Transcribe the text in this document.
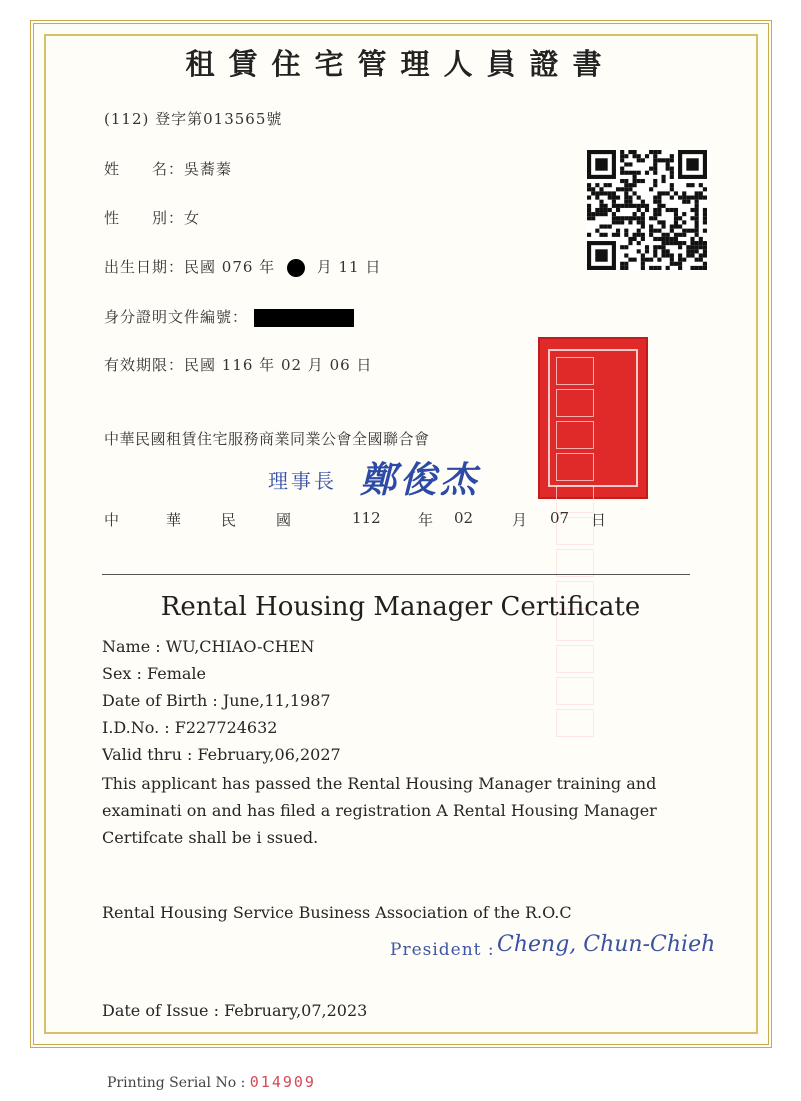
租賃住宅管理人員證書
(112) 登字第013565號
姓　　名：吳蕎蓁
性　　別：女
出生日期：民國 076 年	月 11 日
身分證明文件編號：
有效期限：民國 116 年 02 月 06 日
中華民國租賃住宅服務商業同業公會全國聯合會
理事長 鄭俊杰
中	華	民	國	112 年 02	月 07 日
Rental Housing Manager Certificate
Name : WU,CHIAO-CHEN
Sex : Female
Date of Birth : June,11,1987
I.D.No. : F227724632
Valid thru : February,06,2027
This applicant has passed the Rental Housing Manager training and examinati on and has filed a registration A Rental Housing Manager Certifcate shall be i ssued.
Rental Housing Service Business Association of the R.O.C
President : Cheng, Chun-Chieh
Date of Issue : February,07,2023
Printing Serial No : 014909
